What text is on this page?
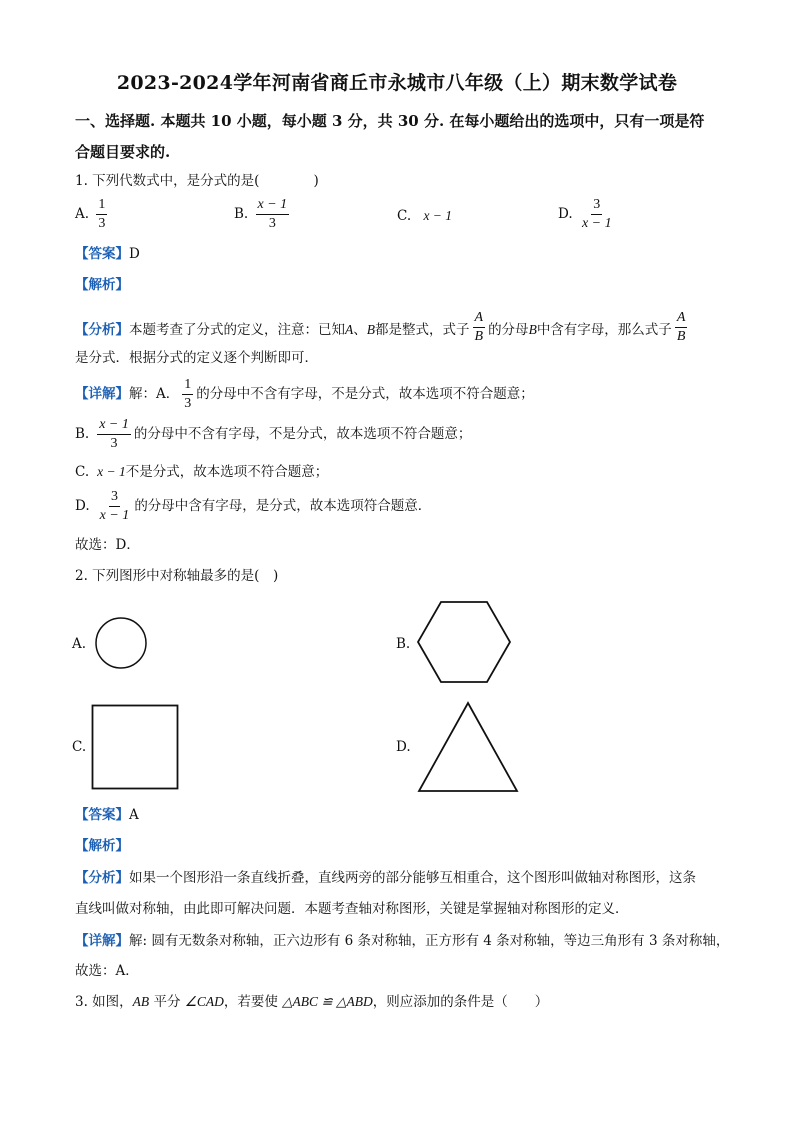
2023-2024学年河南省商丘市永城市八年级（上）期末数学试卷
一、选择题. 本题共 10 小题，每小题 3 分，共 30 分. 在每小题给出的选项中，只有一项是符
合题目要求的.
1. 下列代数式中，是分式的是(　　　　)
A. $\frac{1}{3}$	B. $\frac{x - 1}{3}$	C. x − 1	D. $\frac{3}{x - 1}$
【答案】D
【解析】
【分析】本题考查了分式的定义，注意：已知A、B都是整式，式子 $\frac{A}{B}$ 的分母B中含有字母，那么式子 $\frac{A}{B}$
是分式．根据分式的定义逐个判断即可．
【详解】解：A． $\frac{1}{3}$ 的分母中不含有字母，不是分式，故本选项不符合题意；
B. $\frac{x - 1}{3}$ 的分母中不含有字母，不是分式，故本选项不符合题意；
C. x − 1不是分式，故本选项不符合题意；
D. $\frac{3}{x - 1}$ 的分母中含有字母，是分式，故本选项符合题意．
故选：D．
2. 下列图形中对称轴最多的是(　)
A.	B.
C.	D.
【答案】A
【解析】
【分析】如果一个图形沿一条直线折叠，直线两旁的部分能够互相重合，这个图形叫做轴对称图形，这条
直线叫做对称轴，由此即可解决问题．本题考查轴对称图形，关键是掌握轴对称图形的定义．
【详解】解: 圆有无数条对称轴，正六边形有 6 条对称轴，正方形有 4 条对称轴，等边三角形有 3 条对称轴，
故选：A．
3. 如图，AB 平分 ∠CAD，若要使 △ABC ≌ △ABD，则应添加的条件是（　　）
